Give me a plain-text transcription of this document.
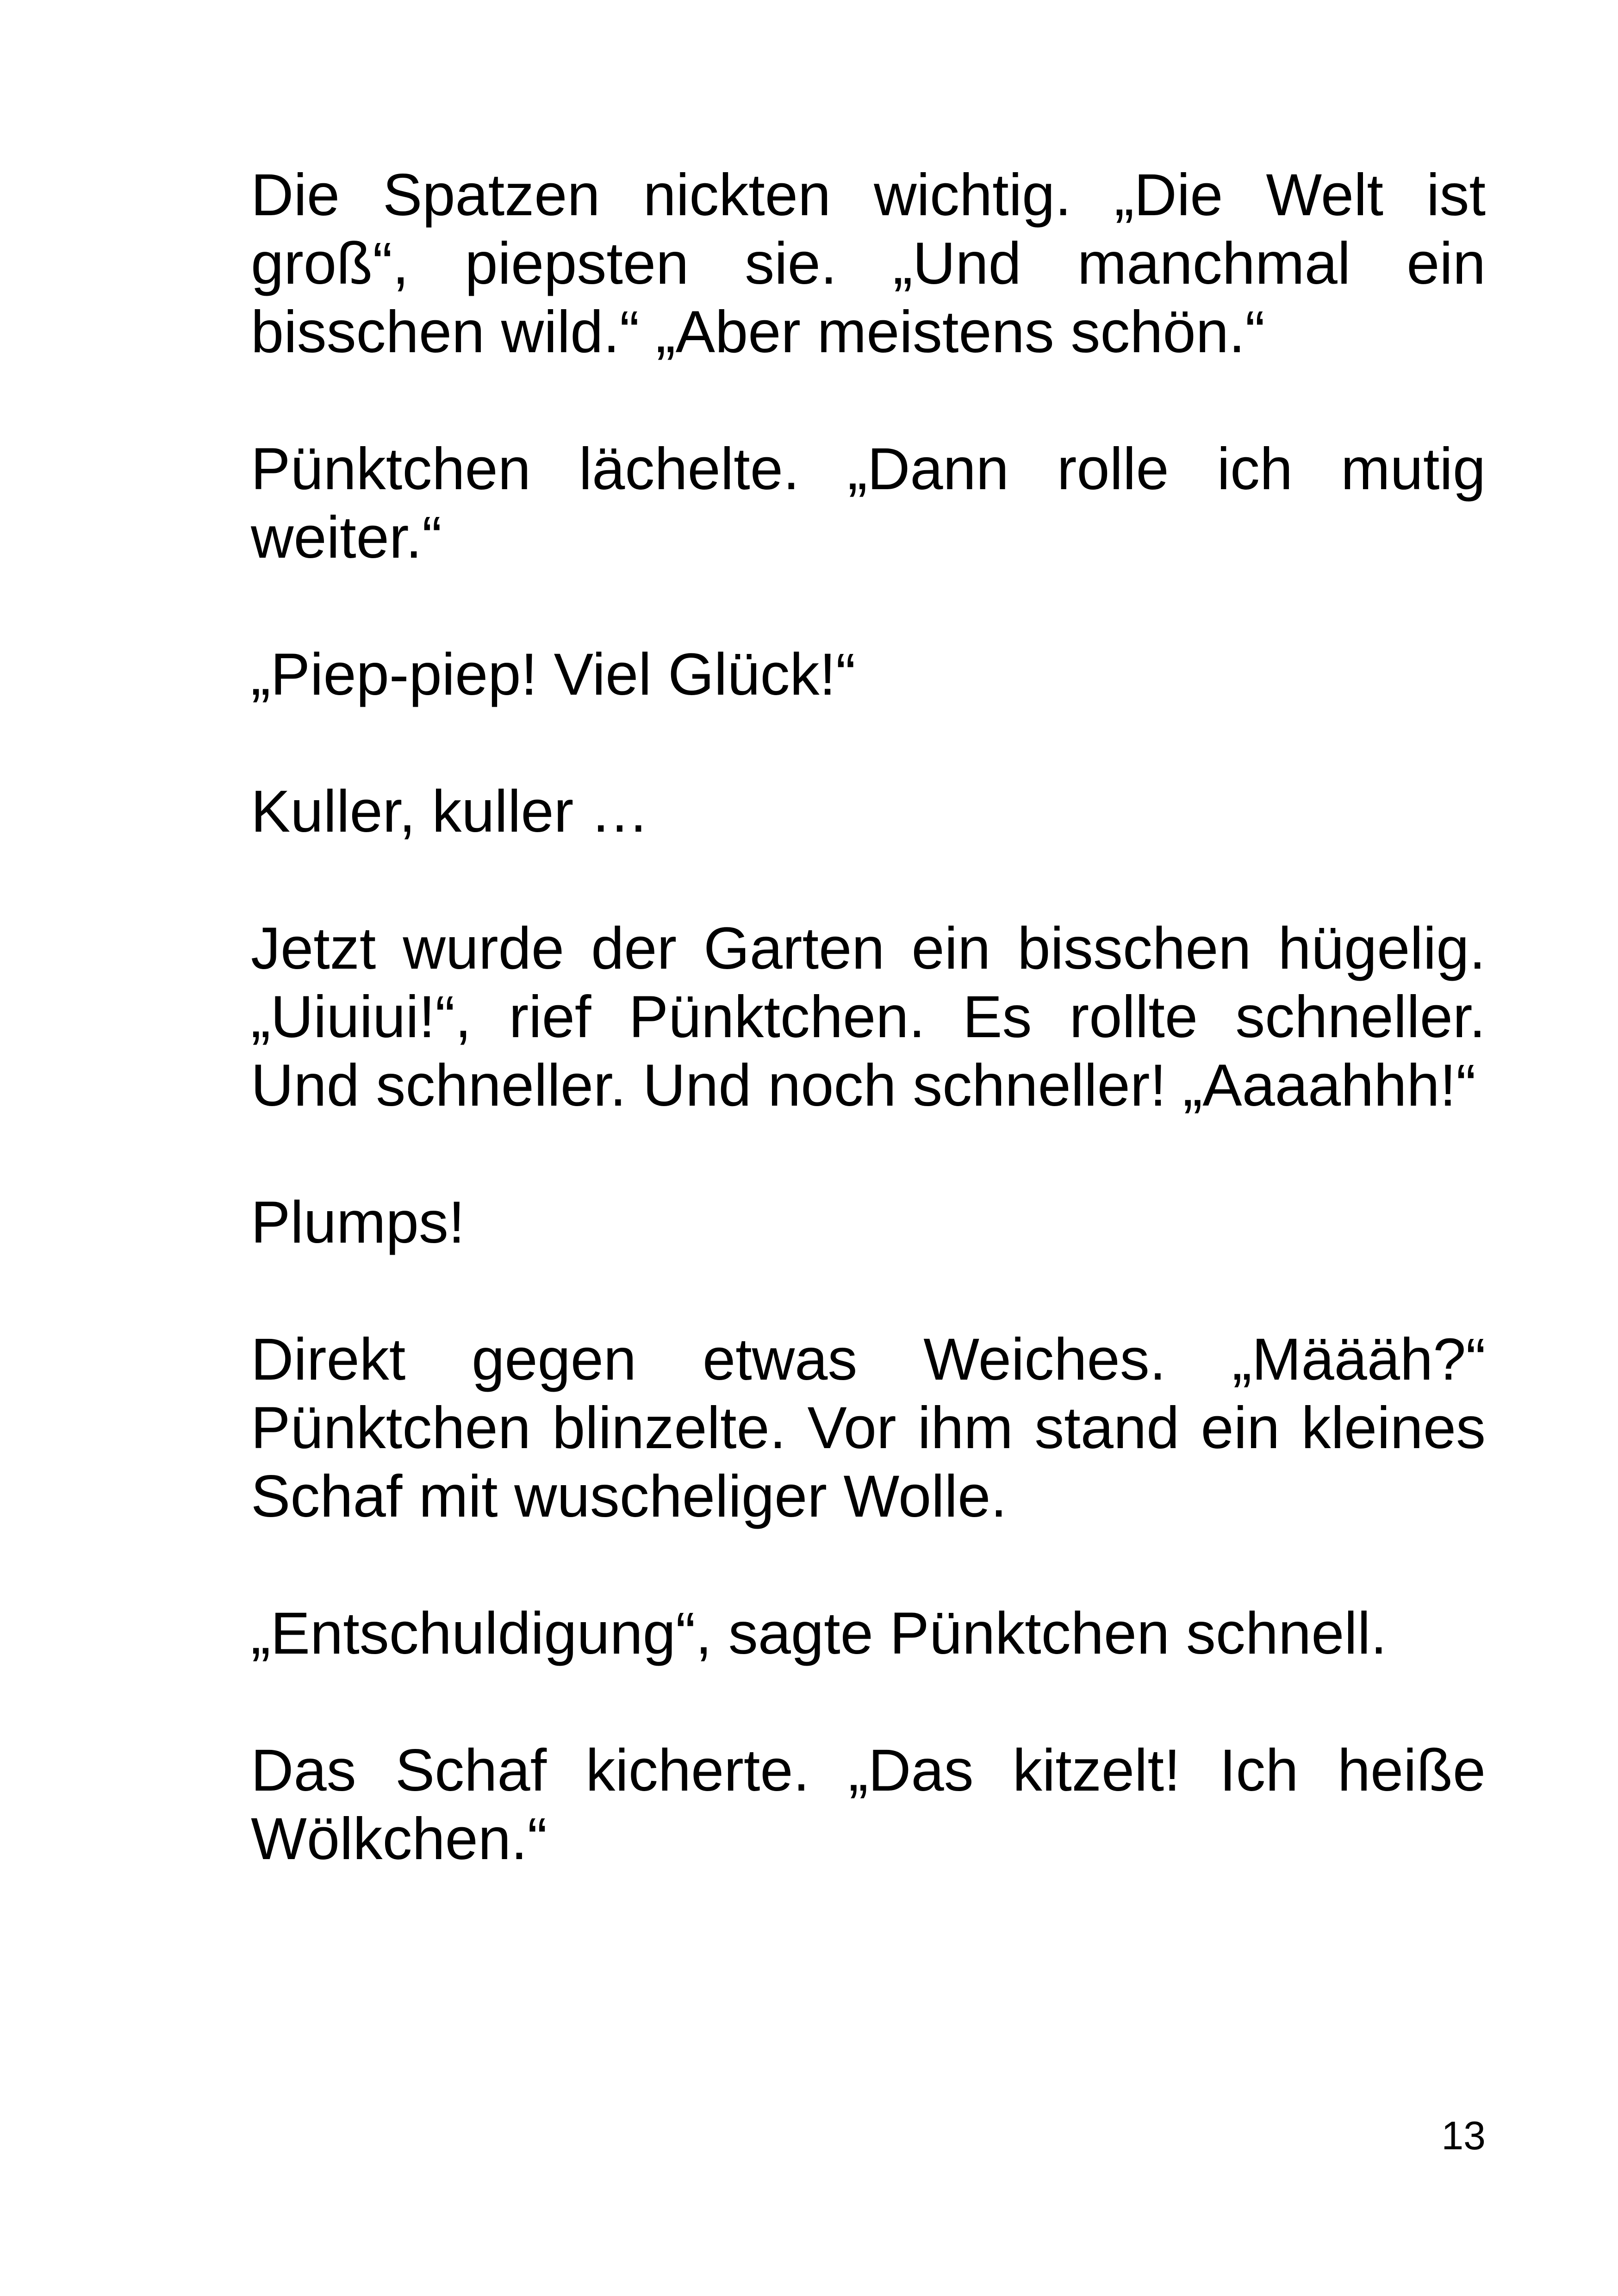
Die Spatzen nickten wichtig. „Die Welt ist groß“, piepsten sie. „Und manchmal ein bisschen wild.“ „Aber meistens schön.“

Pünktchen lächelte. „Dann rolle ich mutig weiter.“

„Piep-piep! Viel Glück!“

Kuller, kuller …

Jetzt wurde der Garten ein bisschen hügelig. „Uiuiui!“, rief Pünktchen. Es rollte schneller. Und schneller. Und noch schneller! „Aaaahhh!“

Plumps!

Direkt gegen etwas Weiches. „Määäh?“ Pünktchen blinzelte. Vor ihm stand ein kleines Schaf mit wuscheliger Wolle.

„Entschuldigung“, sagte Pünktchen schnell.

Das Schaf kicherte. „Das kitzelt! Ich heiße Wölkchen.“

13
